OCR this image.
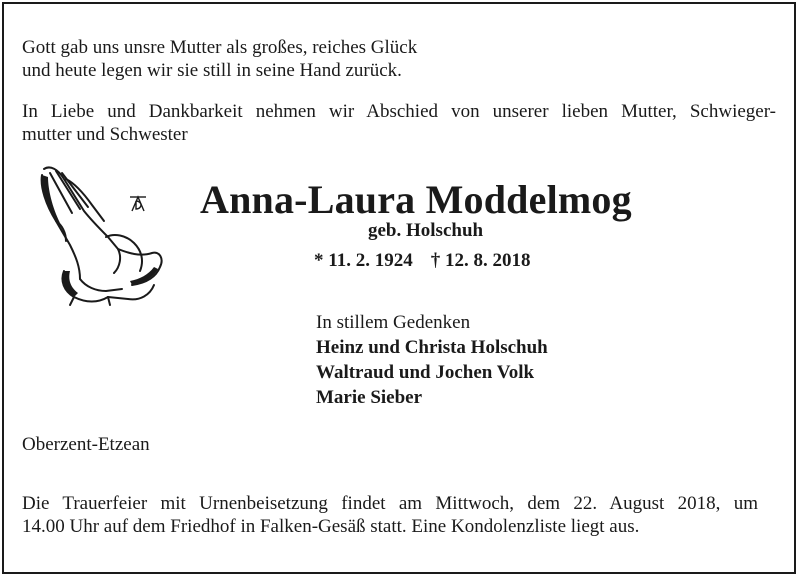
Gott gab uns unsre Mutter als großes, reiches Glück
und heute legen wir sie still in seine Hand zurück.
In Liebe und Dankbarkeit nehmen wir Abschied von unserer lieben Mutter, Schwieger-
mutter und Schwester
Anna-Laura Moddelmog
geb. Holschuh
* 11. 2. 1924 † 12. 8. 2018
In stillem Gedenken
Heinz und Christa Holschuh
Waltraud und Jochen Volk
Marie Sieber
Oberzent-Etzean
Die Trauerfeier mit Urnenbeisetzung findet am Mittwoch, dem 22. August 2018, um
14.00 Uhr auf dem Friedhof in Falken-Gesäß statt. Eine Kondolenzliste liegt aus.
